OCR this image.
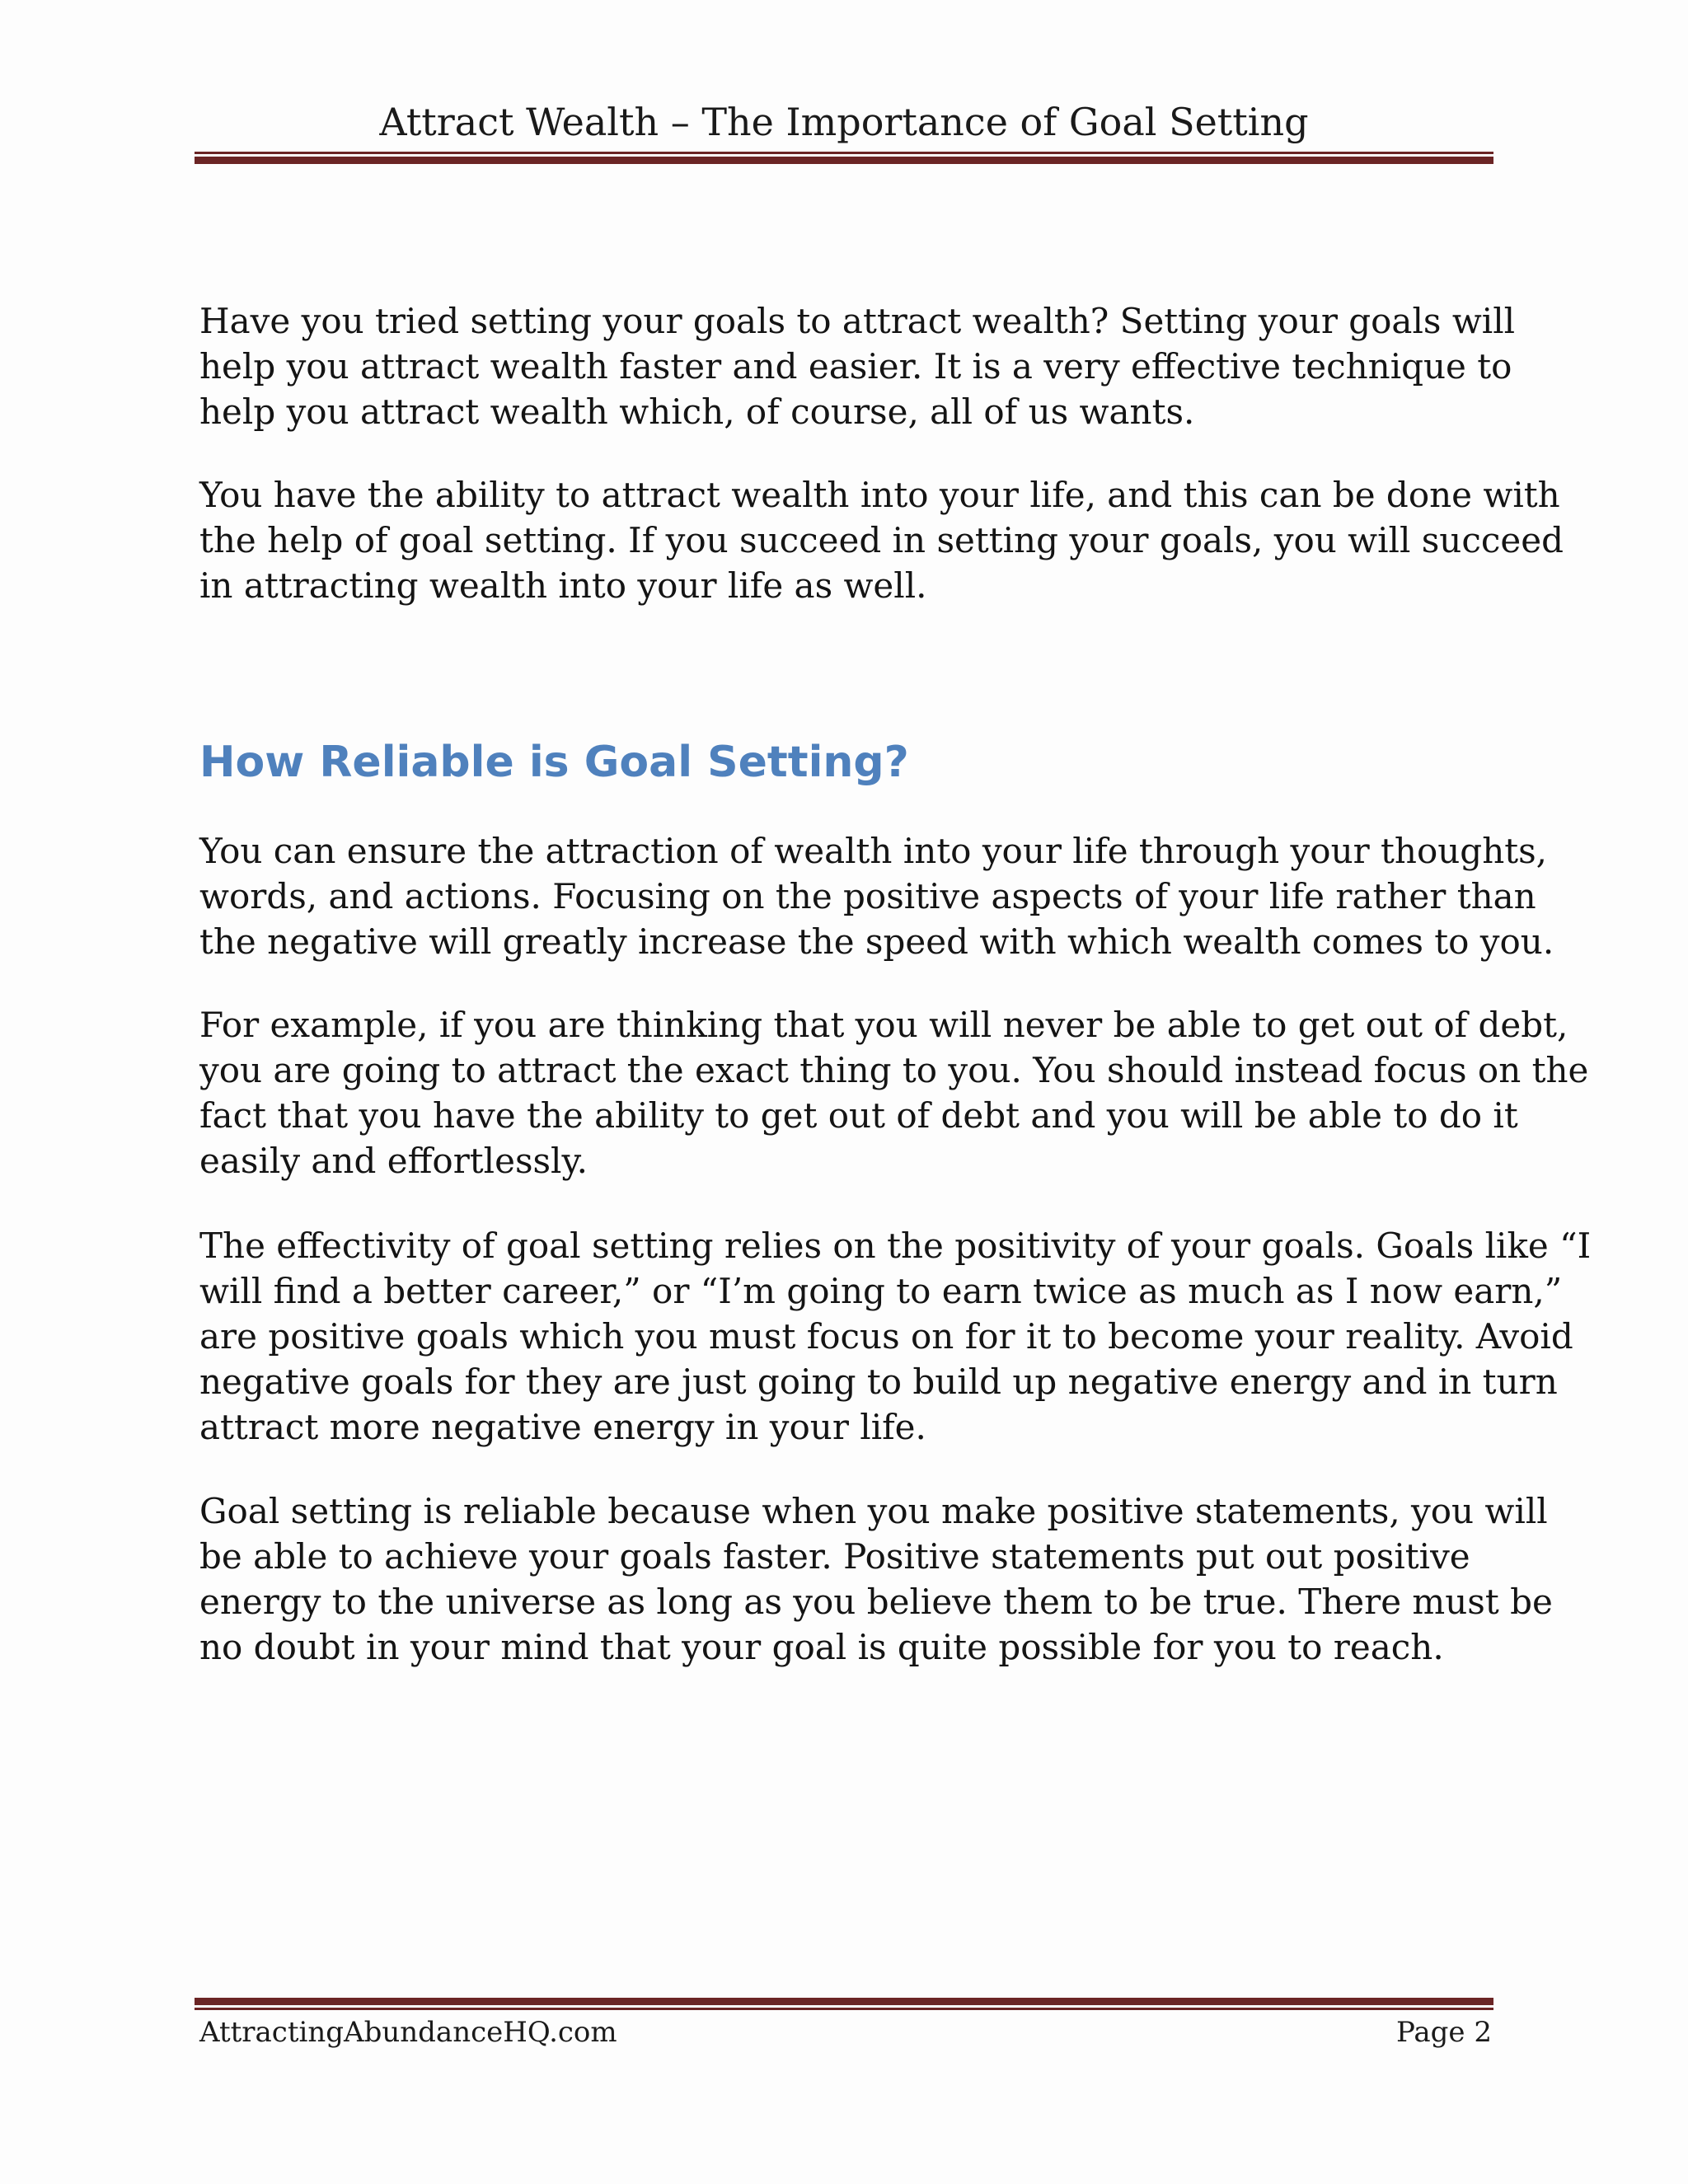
Attract Wealth – The Importance of Goal Setting
Have you tried setting your goals to attract wealth? Setting your goals will
help you attract wealth faster and easier. It is a very effective technique to
help you attract wealth which, of course, all of us wants.
You have the ability to attract wealth into your life, and this can be done with
the help of goal setting. If you succeed in setting your goals, you will succeed
in attracting wealth into your life as well.
How Reliable is Goal Setting?
You can ensure the attraction of wealth into your life through your thoughts,
words, and actions. Focusing on the positive aspects of your life rather than
the negative will greatly increase the speed with which wealth comes to you.
For example, if you are thinking that you will never be able to get out of debt,
you are going to attract the exact thing to you. You should instead focus on the
fact that you have the ability to get out of debt and you will be able to do it
easily and effortlessly.
The effectivity of goal setting relies on the positivity of your goals. Goals like “I
will find a better career,” or “I’m going to earn twice as much as I now earn,”
are positive goals which you must focus on for it to become your reality. Avoid
negative goals for they are just going to build up negative energy and in turn
attract more negative energy in your life.
Goal setting is reliable because when you make positive statements, you will
be able to achieve your goals faster. Positive statements put out positive
energy to the universe as long as you believe them to be true. There must be
no doubt in your mind that your goal is quite possible for you to reach.
AttractingAbundanceHQ.com	Page 2
